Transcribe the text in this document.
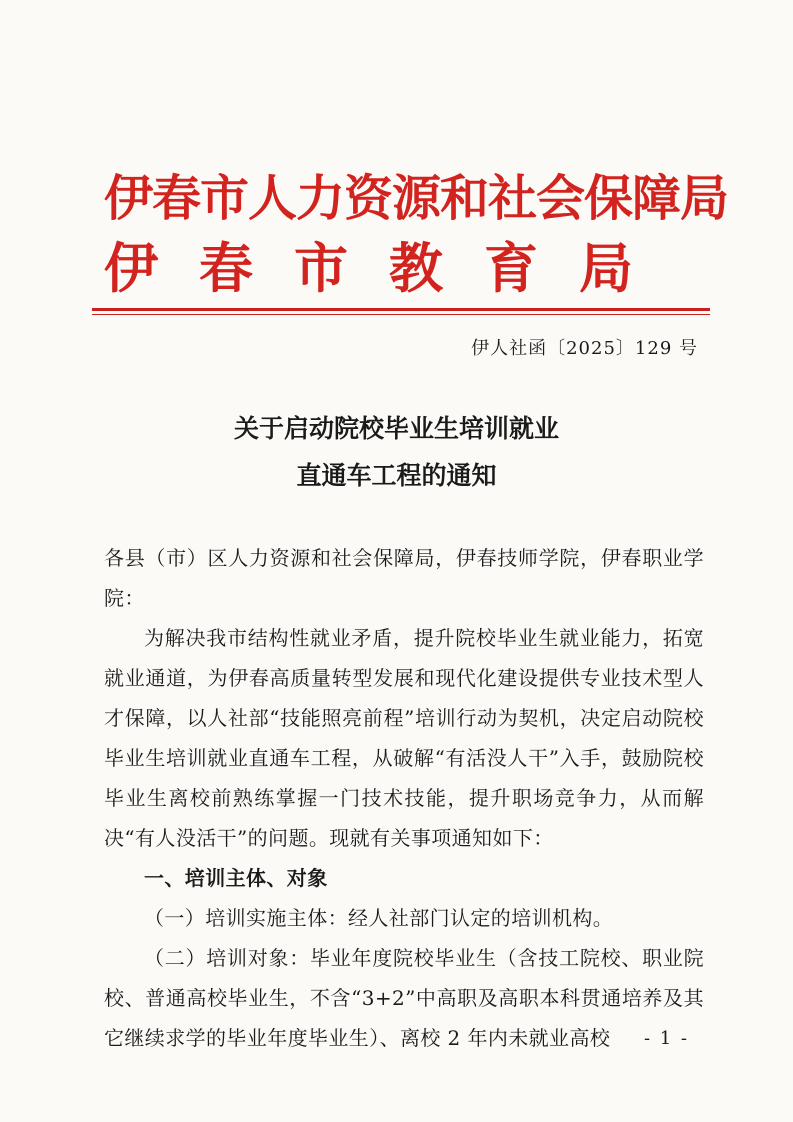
伊春市人力资源和社会保障局
伊春市教育局
伊人社函〔2025〕129 号
关于启动院校毕业生培训就业
直通车工程的通知

各县（市）区人力资源和社会保障局，伊春技师学院，伊春职业学院：

为解决我市结构性就业矛盾，提升院校毕业生就业能力，拓宽就业通道，为伊春高质量转型发展和现代化建设提供专业技术型人才保障，以人社部“技能照亮前程”培训行动为契机，决定启动院校毕业生培训就业直通车工程，从破解“有活没人干”入手，鼓励院校毕业生离校前熟练掌握一门技术技能，提升职场竞争力，从而解决“有人没活干”的问题。现就有关事项通知如下：

一、培训主体、对象

（一）培训实施主体：经人社部门认定的培训机构。

（二）培训对象：毕业年度院校毕业生（含技工院校、职业院校、普通高校毕业生，不含“3+2”中高职及高职本科贯通培养及其它继续求学的毕业年度毕业生）、离校 2 年内未就业高校	- 1 -
